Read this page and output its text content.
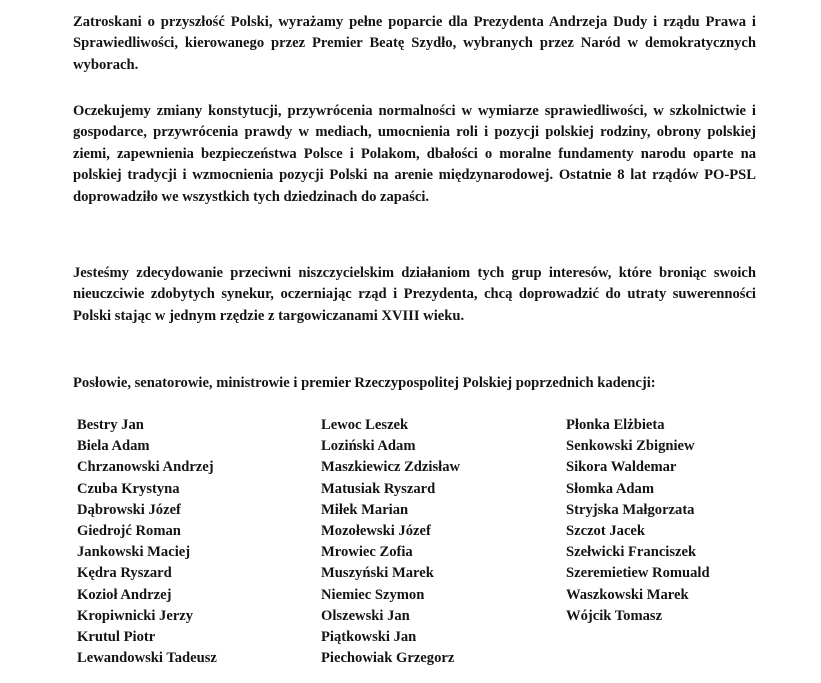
Zatroskani o przyszłość Polski, wyrażamy pełne poparcie dla Prezydenta Andrzeja Dudy i rządu Prawa i Sprawiedliwości, kierowanego przez Premier Beatę Szydło, wybranych przez Naród w demokratycznych wyborach.

Oczekujemy zmiany konstytucji, przywrócenia normalności w wymiarze sprawiedliwości, w szkolnictwie i gospodarce, przywrócenia prawdy w mediach, umocnienia roli i pozycji polskiej rodziny, obrony polskiej ziemi, zapewnienia bezpieczeństwa Polsce i Polakom, dbałości o moralne fundamenty narodu oparte na polskiej tradycji i wzmocnienia pozycji Polski na arenie międzynarodowej. Ostatnie 8 lat rządów PO-PSL doprowadziło we wszystkich tych dziedzinach do zapaści.

Jesteśmy zdecydowanie przeciwni niszczycielskim działaniom tych grup interesów, które broniąc swoich nieuczciwie zdobytych synekur, oczerniając rząd i Prezydenta, chcą doprowadzić do utraty suwerenności Polski stając w jednym rzędzie z targowiczanami XVIII wieku.

Posłowie, senatorowie, ministrowie i premier Rzeczypospolitej Polskiej poprzednich kadencji:

Bestry Jan
Biela Adam
Chrzanowski Andrzej
Czuba Krystyna
Dąbrowski Józef
Giedrojć Roman
Jankowski Maciej
Kędra Ryszard
Kozioł Andrzej
Kropiwnicki Jerzy
Krutul Piotr
Lewandowski Tadeusz
Lewoc Leszek
Loziński Adam
Maszkiewicz Zdzisław
Matusiak Ryszard
Miłek Marian
Mozołewski Józef
Mrowiec Zofia
Muszyński Marek
Niemiec Szymon
Olszewski Jan
Piątkowski Jan
Piechowiak Grzegorz
Płonka Elżbieta
Senkowski Zbigniew
Sikora Waldemar
Słomka Adam
Stryjska Małgorzata
Szczot Jacek
Szełwicki Franciszek
Szeremietiew Romuald
Waszkowski Marek
Wójcik Tomasz
